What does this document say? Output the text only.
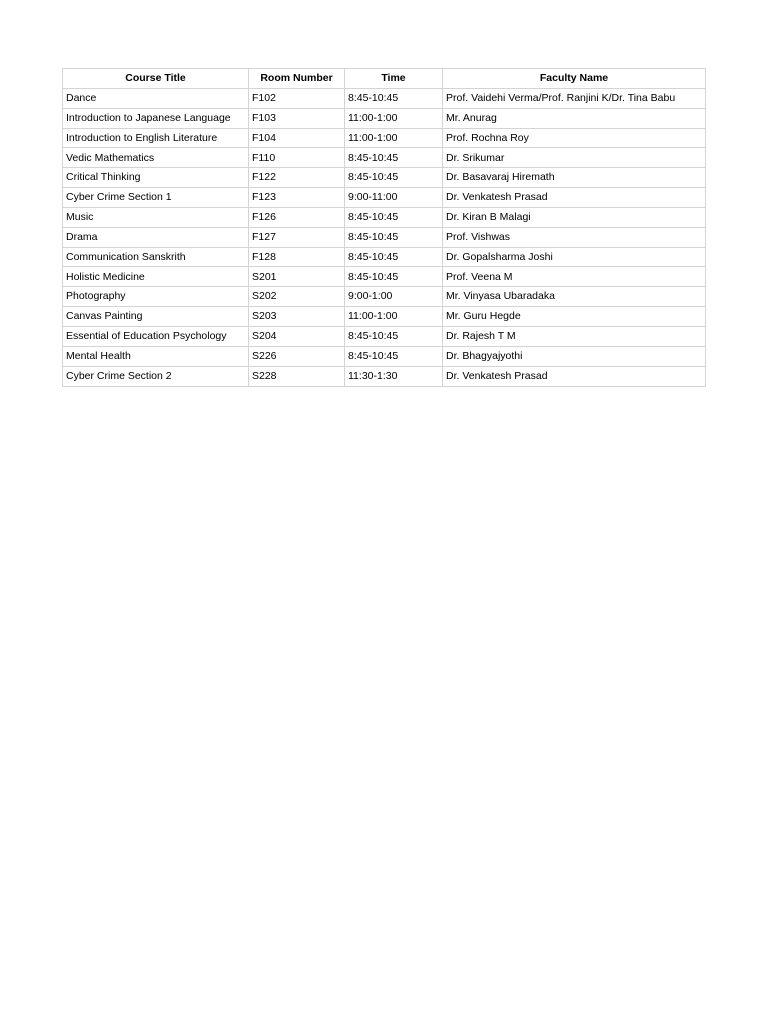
Course Title	Room Number	Time	Faculty Name
Dance	F102	8:45-10:45	Prof. Vaidehi Verma/Prof. Ranjini K/Dr. Tina Babu
Introduction to Japanese Language	F103	11:00-1:00	Mr. Anurag
Introduction to English Literature	F104	11:00-1:00	Prof. Rochna Roy
Vedic Mathematics	F110	8:45-10:45	Dr. Srikumar
Critical Thinking	F122	8:45-10:45	Dr. Basavaraj Hiremath
Cyber Crime Section 1	F123	9:00-11:00	Dr. Venkatesh Prasad
Music	F126	8:45-10:45	Dr. Kiran B Malagi
Drama	F127	8:45-10:45	Prof. Vishwas
Communication Sanskrith	F128	8:45-10:45	Dr. Gopalsharma Joshi
Holistic Medicine	S201	8:45-10:45	Prof. Veena M
Photography	S202	9:00-1:00	Mr. Vinyasa Ubaradaka
Canvas Painting	S203	11:00-1:00	Mr. Guru Hegde
Essential of Education Psychology	S204	8:45-10:45	Dr. Rajesh T M
Mental Health	S226	8:45-10:45	Dr. Bhagyajyothi
Cyber Crime Section 2	S228	11:30-1:30	Dr. Venkatesh Prasad
